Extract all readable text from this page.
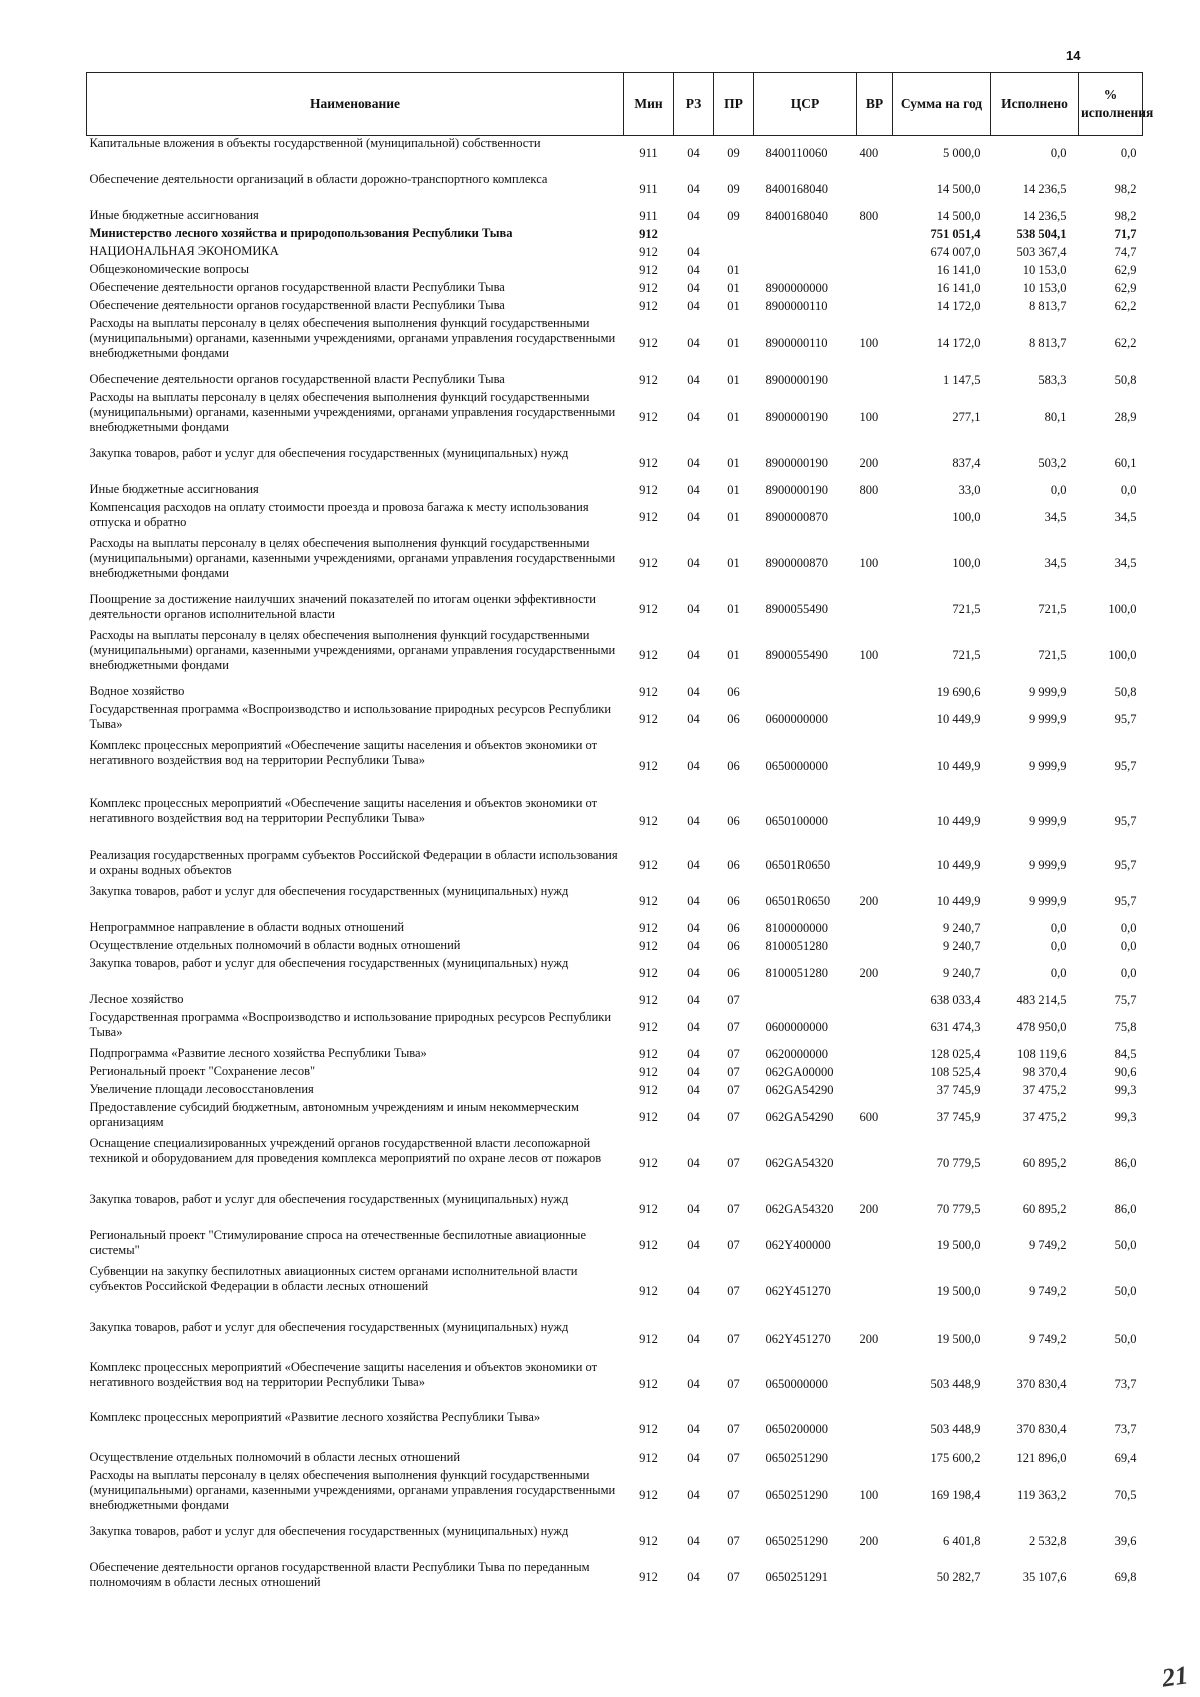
14
Наименование	Мин	РЗ	ПР	ЦСР	ВР	Сумма на год	Исполнено	% исполнения
Капитальные вложения в объекты государственной (муниципальной) собственности	911	04	09	8400110060	400	5 000,0	0,0	0,0
Обеспечение деятельности организаций в области дорожно-транспортного комплекса	911	04	09	8400168040		14 500,0	14 236,5	98,2
Иные бюджетные ассигнования	911	04	09	8400168040	800	14 500,0	14 236,5	98,2
Министерство лесного хозяйства и природопользования Республики Тыва	912					751 051,4	538 504,1	71,7
НАЦИОНАЛЬНАЯ ЭКОНОМИКА	912	04				674 007,0	503 367,4	74,7
Общеэкономические вопросы	912	04	01			16 141,0	10 153,0	62,9
Обеспечение деятельности органов государственной власти Республики Тыва	912	04	01	8900000000		16 141,0	10 153,0	62,9
Обеспечение деятельности органов государственной власти Республики Тыва	912	04	01	8900000110		14 172,0	8 813,7	62,2
Расходы на выплаты персоналу в целях обеспечения выполнения функций государственными (муниципальными) органами, казенными учреждениями, органами управления государственными внебюджетными фондами	912	04	01	8900000110	100	14 172,0	8 813,7	62,2
Обеспечение деятельности органов государственной власти Республики Тыва	912	04	01	8900000190		1 147,5	583,3	50,8
Расходы на выплаты персоналу в целях обеспечения выполнения функций государственными (муниципальными) органами, казенными учреждениями, органами управления государственными внебюджетными фондами	912	04	01	8900000190	100	277,1	80,1	28,9
Закупка товаров, работ и услуг для обеспечения государственных (муниципальных) нужд	912	04	01	8900000190	200	837,4	503,2	60,1
Иные бюджетные ассигнования	912	04	01	8900000190	800	33,0	0,0	0,0
Компенсация расходов на оплату стоимости проезда и провоза багажа к месту использования отпуска и обратно	912	04	01	8900000870		100,0	34,5	34,5
Расходы на выплаты персоналу в целях обеспечения выполнения функций государственными (муниципальными) органами, казенными учреждениями, органами управления государственными внебюджетными фондами	912	04	01	8900000870	100	100,0	34,5	34,5
Поощрение за достижение наилучших значений показателей по итогам оценки эффективности деятельности органов исполнительной власти	912	04	01	8900055490		721,5	721,5	100,0
Расходы на выплаты персоналу в целях обеспечения выполнения функций государственными (муниципальными) органами, казенными учреждениями, органами управления государственными внебюджетными фондами	912	04	01	8900055490	100	721,5	721,5	100,0
Водное хозяйство	912	04	06			19 690,6	9 999,9	50,8
Государственная программа «Воспроизводство и использование природных ресурсов Республики Тыва»	912	04	06	0600000000		10 449,9	9 999,9	95,7
Комплекс процессных мероприятий «Обеспечение защиты населения и объектов экономики от негативного воздействия вод на территории Республики Тыва»	912	04	06	0650000000		10 449,9	9 999,9	95,7
Комплекс процессных мероприятий «Обеспечение защиты населения и объектов экономики от негативного воздействия вод на территории Республики Тыва»	912	04	06	0650100000		10 449,9	9 999,9	95,7
Реализация государственных программ субъектов Российской Федерации в области использования и охраны водных объектов	912	04	06	06501R0650		10 449,9	9 999,9	95,7
Закупка товаров, работ и услуг для обеспечения государственных (муниципальных) нужд	912	04	06	06501R0650	200	10 449,9	9 999,9	95,7
Непрограммное направление в области водных отношений	912	04	06	8100000000		9 240,7	0,0	0,0
Осуществление отдельных полномочий в области водных отношений	912	04	06	8100051280		9 240,7	0,0	0,0
Закупка товаров, работ и услуг для обеспечения государственных (муниципальных) нужд	912	04	06	8100051280	200	9 240,7	0,0	0,0
Лесное хозяйство	912	04	07			638 033,4	483 214,5	75,7
Государственная программа «Воспроизводство и использование природных ресурсов Республики Тыва»	912	04	07	0600000000		631 474,3	478 950,0	75,8
Подпрограмма «Развитие лесного хозяйства Республики Тыва»	912	04	07	0620000000		128 025,4	108 119,6	84,5
Региональный проект "Сохранение лесов"	912	04	07	062GA00000		108 525,4	98 370,4	90,6
Увеличение площади лесовосстановления	912	04	07	062GA54290		37 745,9	37 475,2	99,3
Предоставление субсидий бюджетным, автономным учреждениям и иным некоммерческим организациям	912	04	07	062GA54290	600	37 745,9	37 475,2	99,3
Оснащение специализированных учреждений органов государственной власти лесопожарной техникой и оборудованием для проведения комплекса мероприятий по охране лесов от пожаров	912	04	07	062GA54320		70 779,5	60 895,2	86,0
Закупка товаров, работ и услуг для обеспечения государственных (муниципальных) нужд	912	04	07	062GA54320	200	70 779,5	60 895,2	86,0
Региональный проект "Стимулирование спроса на отечественные беспилотные авиационные системы"	912	04	07	062Y400000		19 500,0	9 749,2	50,0
Субвенции на закупку беспилотных авиационных систем органами исполнительной власти субъектов Российской Федерации в области лесных отношений	912	04	07	062Y451270		19 500,0	9 749,2	50,0
Закупка товаров, работ и услуг для обеспечения государственных (муниципальных) нужд	912	04	07	062Y451270	200	19 500,0	9 749,2	50,0
Комплекс процессных мероприятий «Обеспечение защиты населения и объектов экономики от негативного воздействия вод на территории Республики Тыва»	912	04	07	0650000000		503 448,9	370 830,4	73,7
Комплекс процессных мероприятий «Развитие лесного хозяйства Республики Тыва»	912	04	07	0650200000		503 448,9	370 830,4	73,7
Осуществление отдельных полномочий в области лесных отношений	912	04	07	0650251290		175 600,2	121 896,0	69,4
Расходы на выплаты персоналу в целях обеспечения выполнения функций государственными (муниципальными) органами, казенными учреждениями, органами управления государственными внебюджетными фондами	912	04	07	0650251290	100	169 198,4	119 363,2	70,5
Закупка товаров, работ и услуг для обеспечения государственных (муниципальных) нужд	912	04	07	0650251290	200	6 401,8	2 532,8	39,6
Обеспечение деятельности органов государственной власти Республики Тыва по переданным полномочиям в области лесных отношений	912	04	07	0650251291		50 282,7	35 107,6	69,8
21
